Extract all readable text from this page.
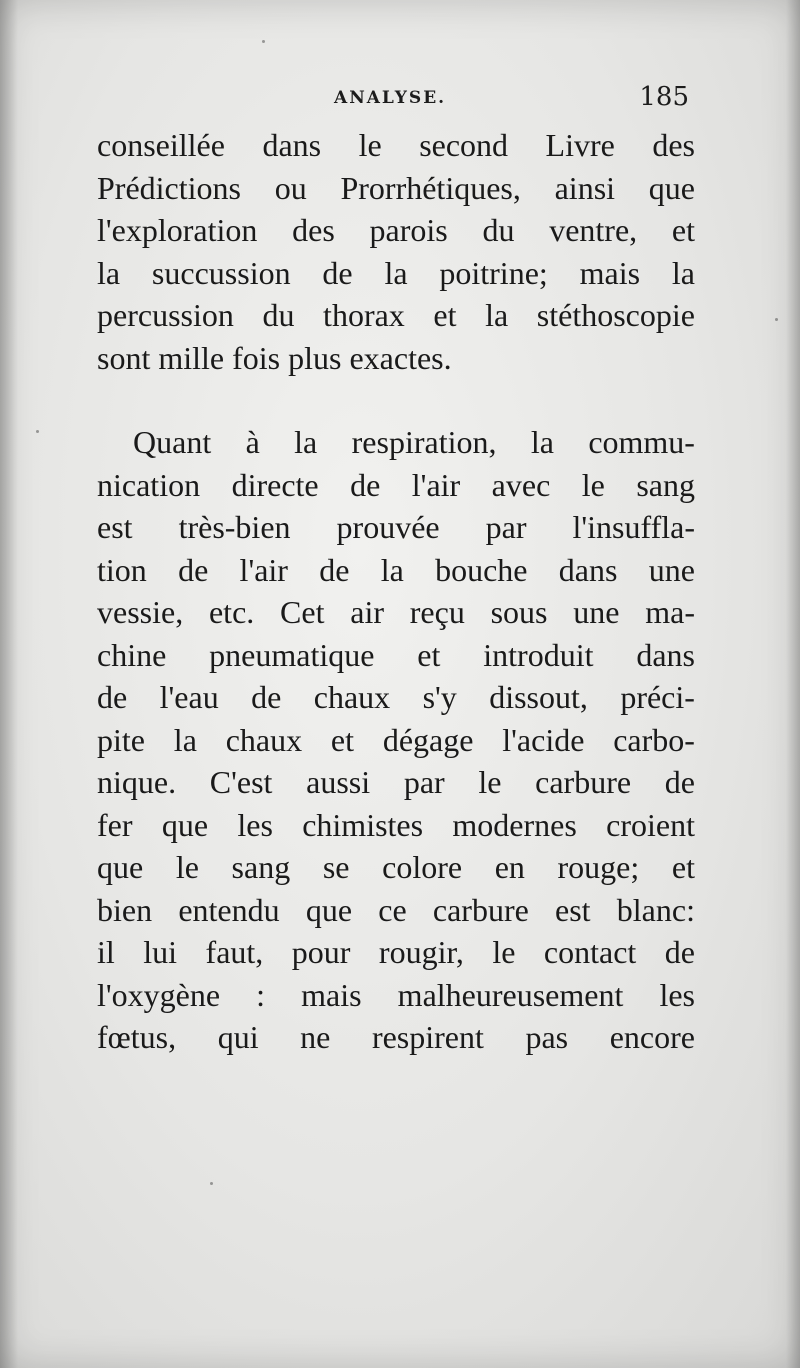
ANALYSE.	185
conseillée dans le second Livre des
Prédictions ou Prorrhétiques, ainsi que
l'exploration des parois du ventre, et
la succussion de la poitrine; mais la
percussion du thorax et la stéthoscopie
sont mille fois plus exactes.
Quant à la respiration, la commu-
nication directe de l'air avec le sang
est très-bien prouvée par l'insuffla-
tion de l'air de la bouche dans une
vessie, etc. Cet air reçu sous une ma-
chine pneumatique et introduit dans
de l'eau de chaux s'y dissout, préci-
pite la chaux et dégage l'acide carbo-
nique. C'est aussi par le carbure de
fer que les chimistes modernes croient
que le sang se colore en rouge; et
bien entendu que ce carbure est blanc:
il lui faut, pour rougir, le contact de
l'oxygène : mais malheureusement les
fœtus, qui ne respirent pas encore
